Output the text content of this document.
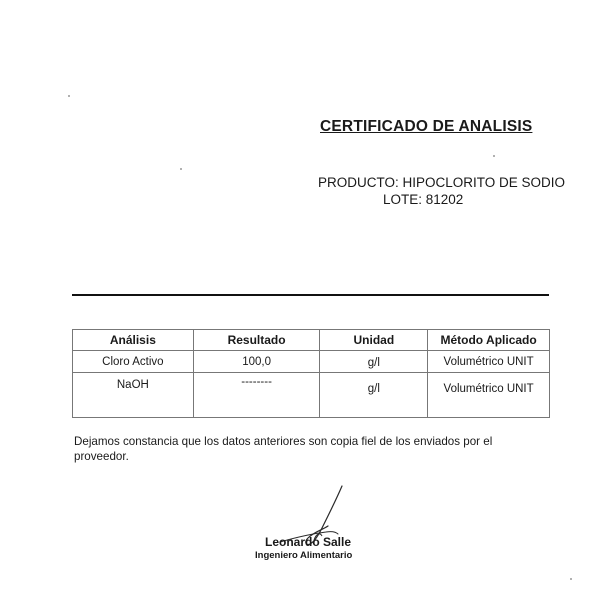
CERTIFICADO DE ANALISIS
PRODUCTO: HIPOCLORITO DE SODIO
LOTE: 81202
Análisis	Resultado	Unidad	Método Aplicado
Cloro Activo	100,0	g/l	Volumétrico UNIT
NaOH	--------	g/l	Volumétrico UNIT
Dejamos constancia que los datos anteriores son copia fiel de los enviados por el proveedor.
Leonardo Salle
Ingeniero Alimentario
